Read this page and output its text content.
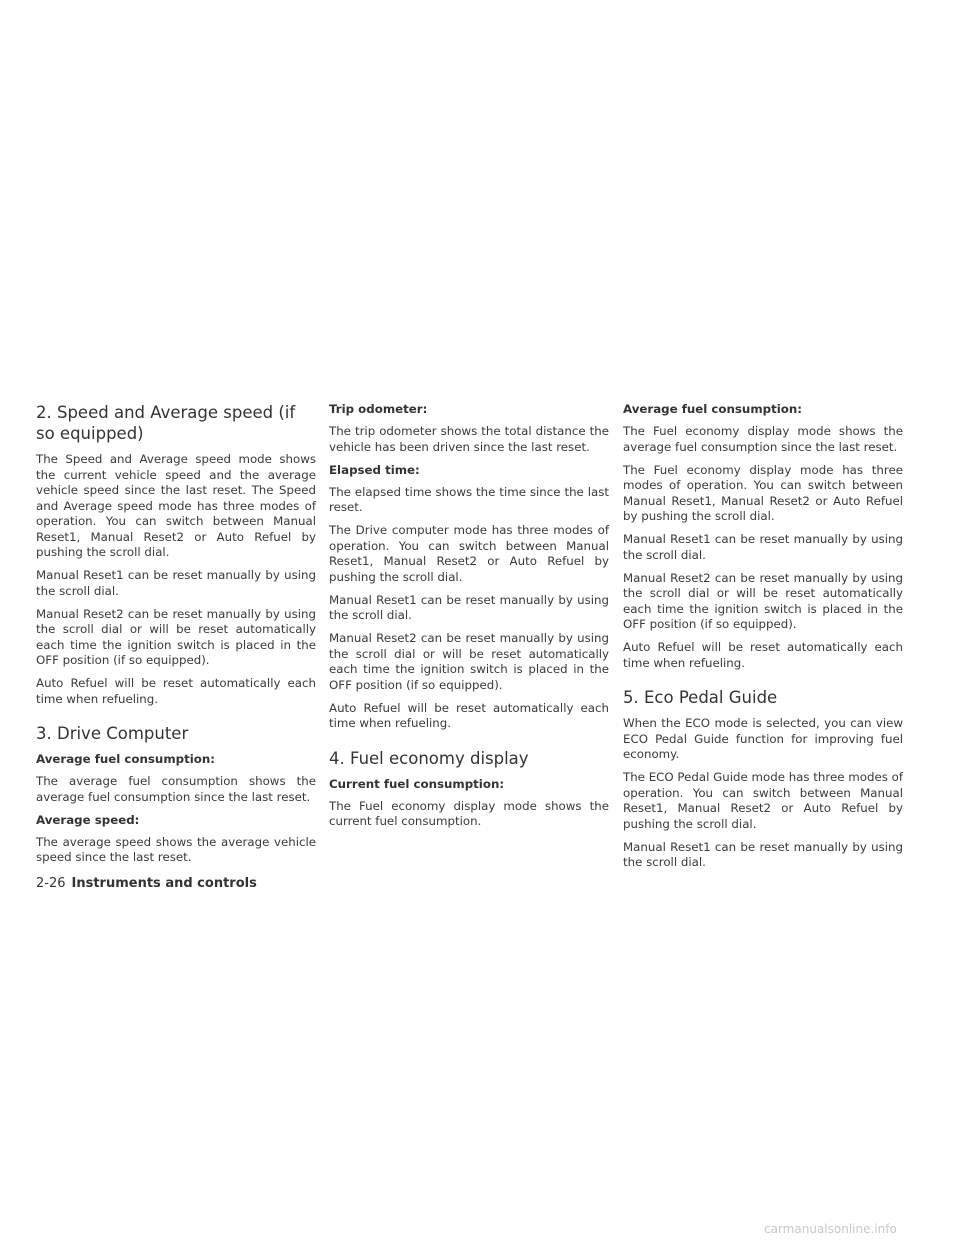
2. Speed and Average speed (if so equipped)
The Speed and Average speed mode shows the current vehicle speed and the average vehicle speed since the last reset. The Speed and Average speed mode has three modes of operation. You can switch between Manual Reset1, Manual Reset2 or Auto Refuel by pushing the scroll dial.
Manual Reset1 can be reset manually by using the scroll dial.
Manual Reset2 can be reset manually by using the scroll dial or will be reset automatically each time the ignition switch is placed in the OFF position (if so equipped).
Auto Refuel will be reset automatically each time when refueling.
3. Drive Computer
Average fuel consumption:
The average fuel consumption shows the average fuel consumption since the last reset.
Average speed:
The average speed shows the average vehicle speed since the last reset.
Trip odometer:
The trip odometer shows the total distance the vehicle has been driven since the last reset.
Elapsed time:
The elapsed time shows the time since the last reset.
The Drive computer mode has three modes of operation. You can switch between Manual Reset1, Manual Reset2 or Auto Refuel by pushing the scroll dial.
Manual Reset1 can be reset manually by using the scroll dial.
Manual Reset2 can be reset manually by using the scroll dial or will be reset automatically each time the ignition switch is placed in the OFF position (if so equipped).
Auto Refuel will be reset automatically each time when refueling.
4. Fuel economy display
Current fuel consumption:
The Fuel economy display mode shows the current fuel consumption.
Average fuel consumption:
The Fuel economy display mode shows the average fuel consumption since the last reset.
The Fuel economy display mode has three modes of operation. You can switch between Manual Reset1, Manual Reset2 or Auto Refuel by pushing the scroll dial.
Manual Reset1 can be reset manually by using the scroll dial.
Manual Reset2 can be reset manually by using the scroll dial or will be reset automatically each time the ignition switch is placed in the OFF position (if so equipped).
Auto Refuel will be reset automatically each time when refueling.
5. Eco Pedal Guide
When the ECO mode is selected, you can view ECO Pedal Guide function for improving fuel economy.
The ECO Pedal Guide mode has three modes of operation. You can switch between Manual Reset1, Manual Reset2 or Auto Refuel by pushing the scroll dial.
Manual Reset1 can be reset manually by using the scroll dial.
2-26 Instruments and controls
carmanualsonline.info
